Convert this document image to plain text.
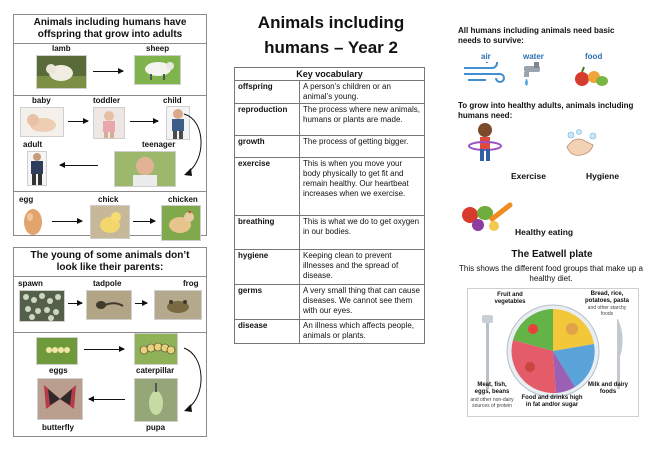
Animals including humans have offspring that grow into adults
lamb	sheep
baby	toddler	child
adult	teenager
egg	chick	chicken
The young of some animals don’t look like their parents:
spawn	tadpole	frog
eggs	caterpillar
butterfly	pupa
Animals including
humans – Year 2
Key vocabulary	
offspring	A person’s children or an animal’s young.
reproduction	The process where new animals, humans or plants are made.
growth	The process of getting bigger.
exercise	This is when you move your body physically to get fit and remain healthy. Our heartbeat increases when we exercise.
breathing	This is what we do to get oxygen in our bodies.
hygiene	Keeping clean to prevent illnesses and the spread of disease.
germs	A very small thing that can cause diseases. We cannot see them with our eyes.
disease	An illness which affects people, animals or plants.
All humans including animals need basic needs to survive:
air	water	food
To grow into healthy adults, animals including humans need:
Exercise	Hygiene
Healthy eating
The Eatwell plate
This shows the different food groups that make up a healthy diet.
Fruit and vegetables
Bread, rice, potatoes, pasta
and other starchy foods
Meat, fish, eggs, beans
and other non-dairy sources of protein
Food and drinks high in fat and/or sugar
Milk and dairy foods
